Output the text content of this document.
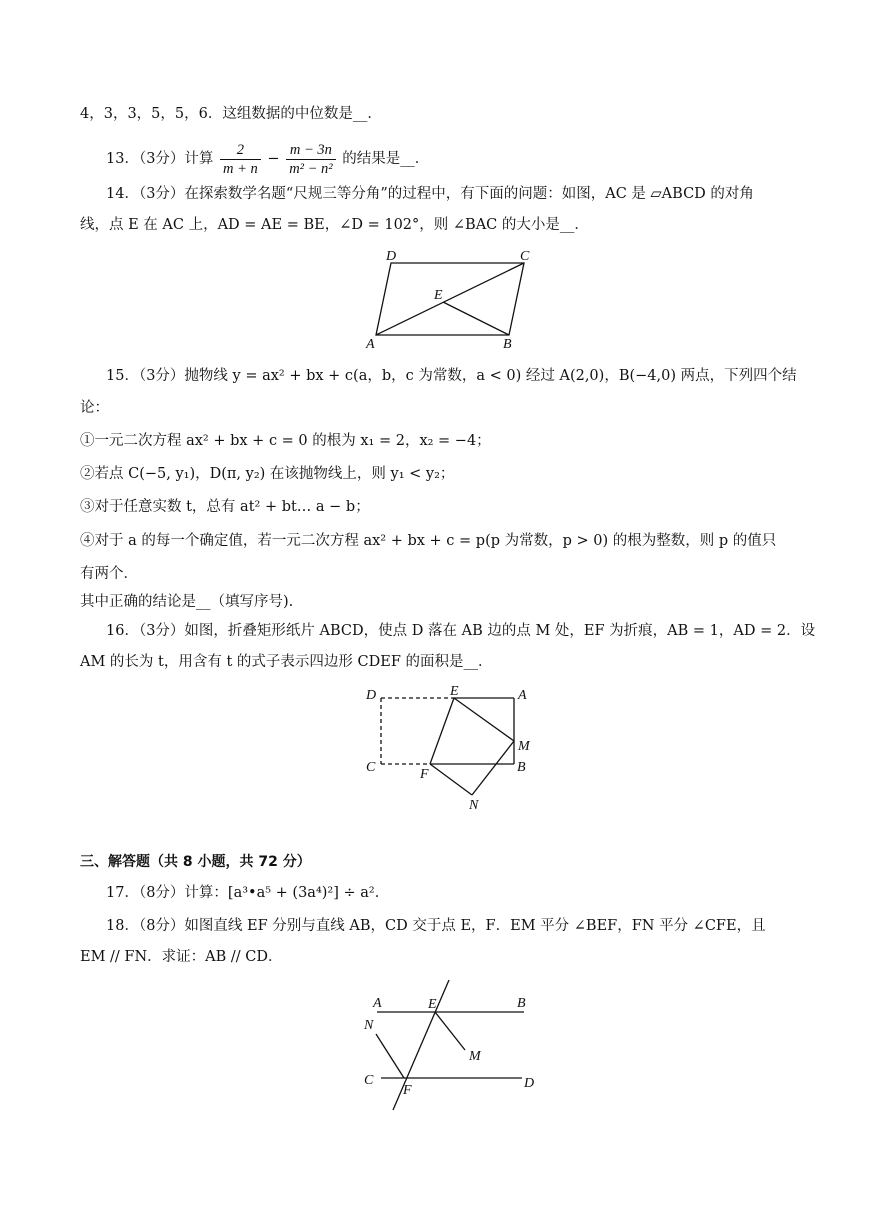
4，3，3，5，5，6．这组数据的中位数是__．
13．（3分）计算 $\frac{2}{m + n} - \frac{m - 3n}{\text{m² − n²}}$ 的结果是__．
14．（3分）在探索数学名题“尺规三等分角”的过程中，有下面的问题：如图，AC 是 ▱ABCD 的对角
线，点 E 在 AC 上，AD = AE = BE，∠D = 102°，则 ∠BAC 的大小是__．
D	C
E
A	B
15．（3分）抛物线 y = ax² + bx + c(a，b，c 为常数，a < 0) 经过 A(2,0)，B(−4,0) 两点，下列四个结
论：
①一元二次方程 ax² + bx + c = 0 的根为 x₁ = 2，x₂ = −4；
②若点 C(−5, y₁)，D(π, y₂) 在该抛物线上，则 y₁ < y₂；
③对于任意实数 t，总有 at² + bt… a − b；
④对于 a 的每一个确定值，若一元二次方程 ax² + bx + c = p(p 为常数，p > 0) 的根为整数，则 p 的值只
有两个．
其中正确的结论是__（填写序号).
16．（3分）如图，折叠矩形纸片 ABCD，使点 D 落在 AB 边的点 M 处，EF 为折痕，AB = 1，AD = 2．设
AM 的长为 t，用含有 t 的式子表示四边形 CDEF 的面积是__．
D	E	A
M
C	F	B
N
三、解答题（共 8 小题，共 72 分）
17．（8分）计算：[a³•a⁵ + (3a⁴)²] ÷ a²．
18．（8分）如图直线 EF 分别与直线 AB，CD 交于点 E，F．EM 平分 ∠BEF，FN 平分 ∠CFE，且
EM // FN．求证：AB // CD．
A	E	B
N
M
C
F	D
